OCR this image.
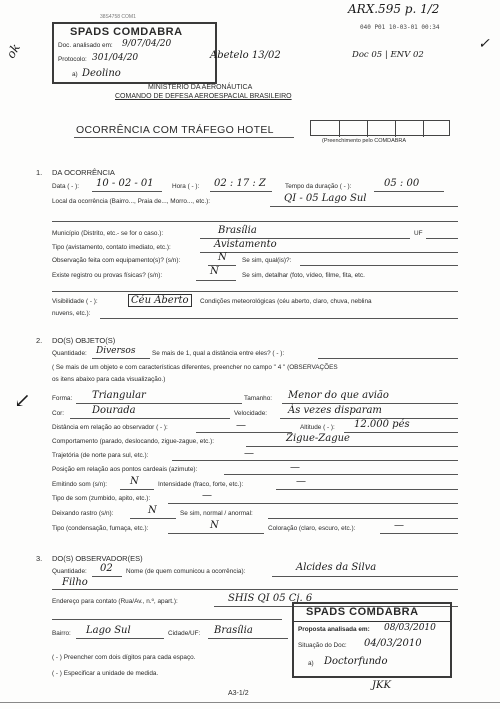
ARX.595 p. 1/2
040 P01 10-03-01 00:34
38S4758 COM1
Doc 05 | ENV 02
✓
ok
SPADS COMDABRA
Doc. analisado em: 9/07/04/20
Protocolo: 301/04/20
a) Deolino
Abetelo 13/02
MINISTÉRIO DA AERONÁUTICA
COMANDO DE DEFESA AEROESPACIAL BRASILEIRO
OCORRÊNCIA COM TRÁFEGO HOTEL
(Preenchimento pelo COMDABRA
1. DA OCORRÊNCIA
Data ( - ): 10 - 02 - 01	Hora ( - ): 02 : 17 : Z	Tempo da duração ( - ):	05 : 00
Local da ocorrência (Bairro..., Praia de..., Morro..., etc.):	QI - 05 Lago Sul
Município (Distrito, etc.- se for o caso.):	Brasília	UF
Tipo (avistamento, contato imediato, etc.):	Avistamento
Observação feita com equipamento(s)? (s/n):	N Se sim, qual(is)?:
Existe registro ou provas físicas? (s/n):	N	Se sim, detalhar (foto, vídeo, filme, fita, etc.
Visibilidade ( - ):	Céu Aberto	Condições meteorológicas (céu aberto, claro, chuva, neblina
nuvens, etc.):
2. DO(S) OBJETO(S)
Quantidade: Diversos	Se mais de 1, qual a distância entre eles? ( - ):
( Se mais de um objeto e com características diferentes, preencher no campo " 4 " (OBSERVAÇÕES
os itens abaixo para cada visualização.)
↙	Forma: Triangular	Tamanho: Menor do que avião
Cor:	Dourada	Velocidade: Às vezes disparam
Distância em relação ao observador ( - ):	—	Altitude ( - ): 12.000 pés
Comportamento (parado, deslocando, zigue-zague, etc.):	Zigue-Zague
Trajetória (de norte para sul, etc.):	—
Posição em relação aos pontos cardeais (azimute):	—
Emitindo som (s/n): N	Intensidade (fraco, forte, etc.):	—
Tipo de som (zumbido, apito, etc.):	—
Deixando rastro (s/n):	N	Se sim, normal / anormal:
Tipo (condensação, fumaça, etc.):	N	Coloração (claro, escuro, etc.):	—
3. DO(S) OBSERVADOR(ES)
Quantidade: 02 Nome (de quem comunicou a ocorrência):	Alcides da Silva
Filho
Endereço para contato (Rua/Av., n.º, apart.):	SHIS QI 05 Cj. 6
Bairro: Lago Sul	Cidade/UF: Brasília
( - ) Preencher com dois dígitos para cada espaço.
( - ) Especificar a unidade de medida.
SPADS COMDABRA
Proposta analisada em: 08/03/2010
Situação do Doc: 04/03/2010
a) Doctorfundo
JKK
A3-1/2
